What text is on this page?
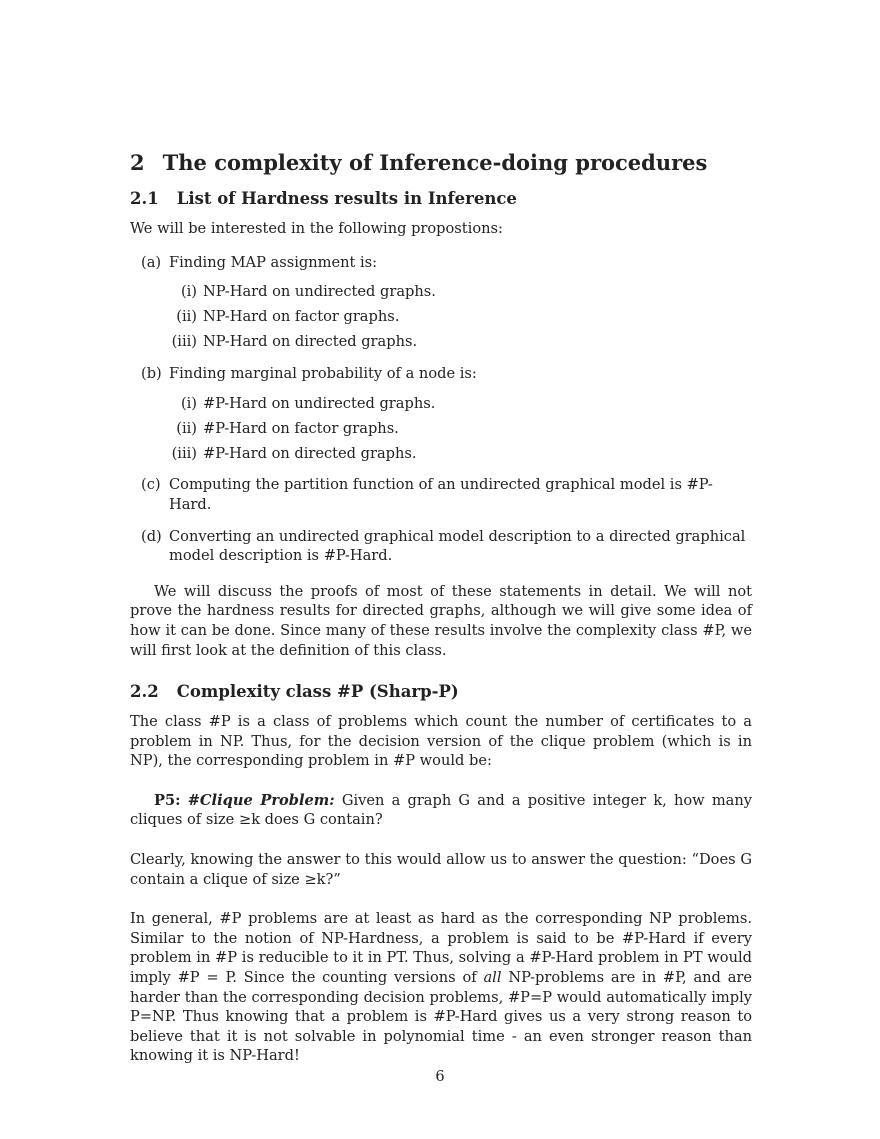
2 The complexity of Inference-doing procedures
2.1 List of Hardness results in Inference

We will be interested in the following propostions:

(a) Finding MAP assignment is:
(i) NP-Hard on undirected graphs.
(ii) NP-Hard on factor graphs.
(iii) NP-Hard on directed graphs.
(b) Finding marginal probability of a node is:
(i) #P-Hard on undirected graphs.
(ii) #P-Hard on factor graphs.
(iii) #P-Hard on directed graphs.
(c) Computing the partition function of an undirected graphical model is #P-Hard.
(d) Converting an undirected graphical model description to a directed graphical model description is #P-Hard.

We will discuss the proofs of most of these statements in detail. We will not prove the hardness results for directed graphs, although we will give some idea of how it can be done. Since many of these results involve the complexity class #P, we will first look at the definition of this class.

2.2 Complexity class #P (Sharp-P)

The class #P is a class of problems which count the number of certificates to a problem in NP. Thus, for the decision version of the clique problem (which is in NP), the corresponding problem in #P would be:

P5: #Clique Problem: Given a graph G and a positive integer k, how many cliques of size ≥k does G contain?

Clearly, knowing the answer to this would allow us to answer the question: “Does G contain a clique of size ≥k?”

In general, #P problems are at least as hard as the corresponding NP problems. Similar to the notion of NP-Hardness, a problem is said to be #P-Hard if every problem in #P is reducible to it in PT. Thus, solving a #P-Hard problem in PT would imply #P = P. Since the counting versions of all NP-problems are in #P, and are harder than the corresponding decision problems, #P=P would automatically imply P=NP. Thus knowing that a problem is #P-Hard gives us a very strong reason to believe that it is not solvable in polynomial time - an even stronger reason than knowing it is NP-Hard!

6
